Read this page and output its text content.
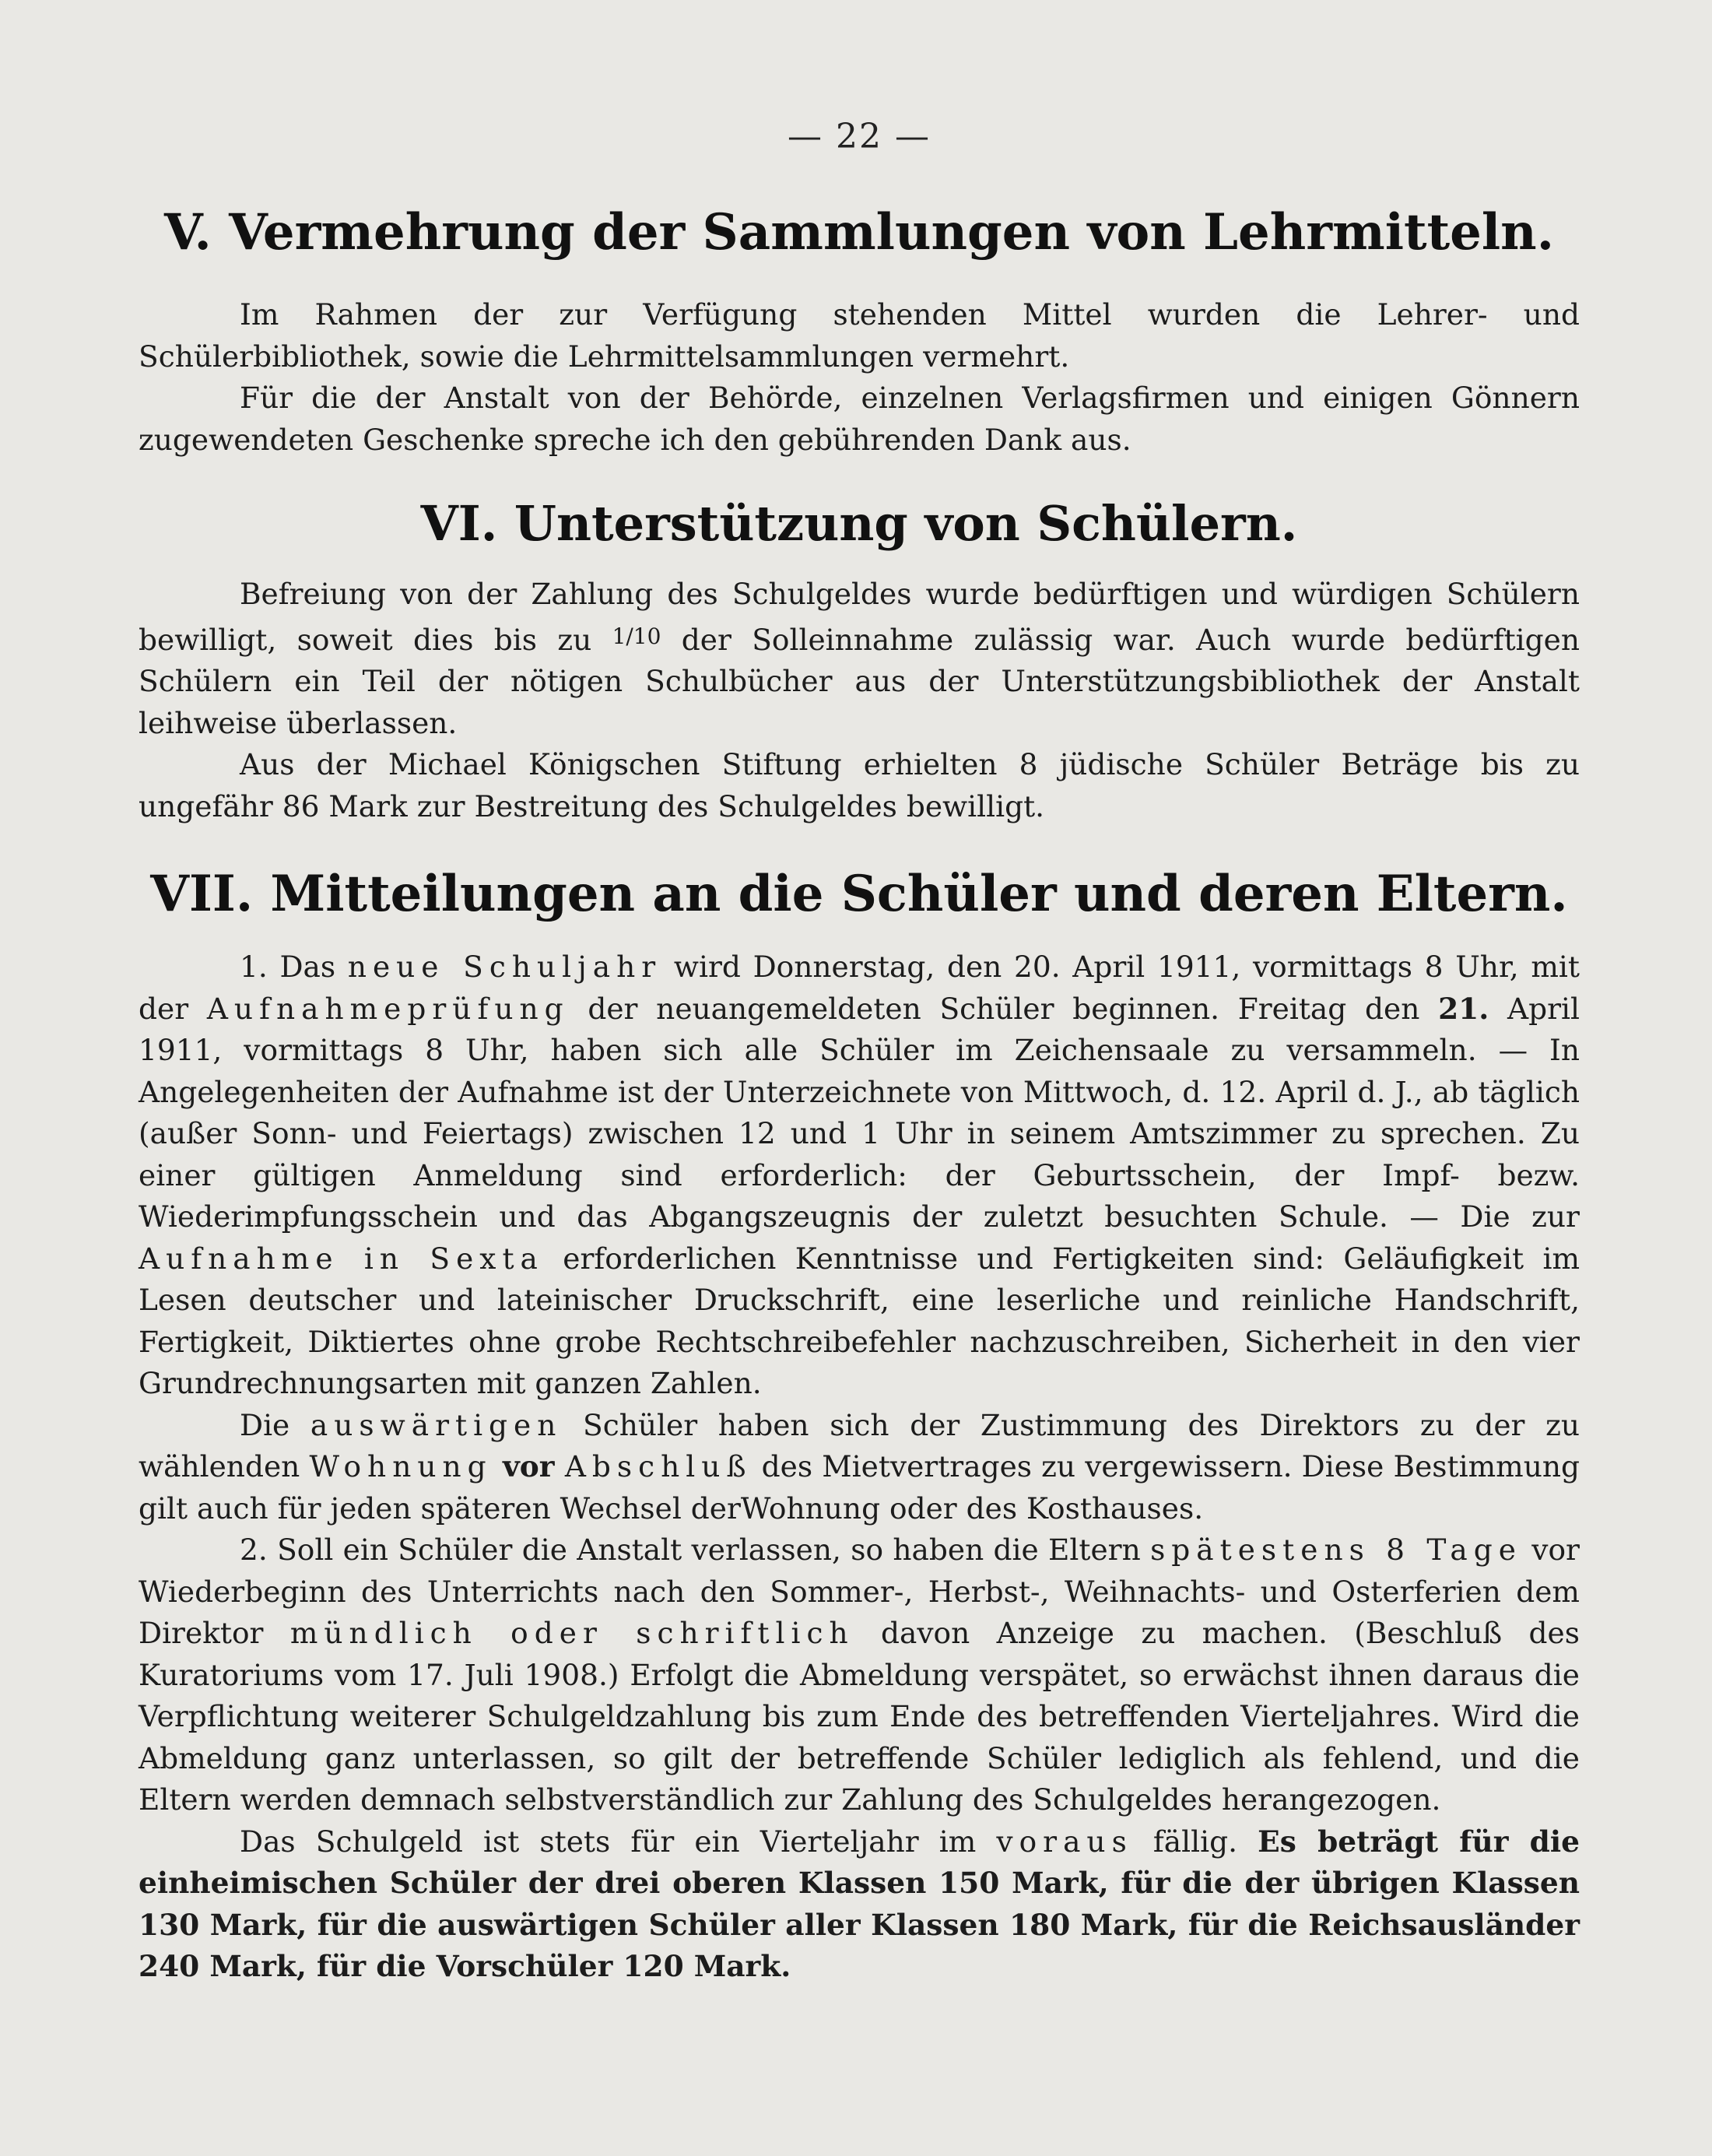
— 22 —
V. Vermehrung der Sammlungen von Lehrmitteln.

Im Rahmen der zur Verfügung stehenden Mittel wurden die Lehrer- und Schülerbibliothek, sowie die Lehrmittelsammlungen vermehrt.

Für die der Anstalt von der Behörde, einzelnen Verlagsfirmen und einigen Gönnern zugewendeten Geschenke spreche ich den gebührenden Dank aus.

VI. Unterstützung von Schülern.

Befreiung von der Zahlung des Schulgeldes wurde bedürftigen und würdigen Schülern bewilligt, soweit dies bis zu $^{1/10}$ der Solleinnahme zulässig war. Auch wurde bedürftigen Schülern ein Teil der nötigen Schulbücher aus der Unterstützungsbibliothek der Anstalt leihweise überlassen.

Aus der Michael Königschen Stiftung erhielten 8 jüdische Schüler Beträge bis zu ungefähr 86 Mark zur Bestreitung des Schulgeldes bewilligt.

VII. Mitteilungen an die Schüler und deren Eltern.

1. Das neue Schuljahr wird Donnerstag, den 20. April 1911, vormittags 8 Uhr, mit der Aufnahmeprüfung der neuangemeldeten Schüler beginnen. Freitag den 21. April 1911, vormittags 8 Uhr, haben sich alle Schüler im Zeichensaale zu versammeln. — In Angelegenheiten der Aufnahme ist der Unterzeichnete von Mittwoch, d. 12. April d. J., ab täglich (außer Sonn- und Feiertags) zwischen 12 und 1 Uhr in seinem Amtszimmer zu sprechen. Zu einer gültigen Anmeldung sind erforderlich: der Geburtsschein, der Impf- bezw. Wiederimpfungsschein und das Abgangszeugnis der zuletzt besuchten Schule. — Die zur Aufnahme in Sexta erforderlichen Kenntnisse und Fertigkeiten sind: Geläufigkeit im Lesen deutscher und lateinischer Druckschrift, eine leserliche und reinliche Handschrift, Fertigkeit, Diktiertes ohne grobe Rechtschreibefehler nachzuschreiben, Sicherheit in den vier Grundrechnungsarten mit ganzen Zahlen.

Die auswärtigen Schüler haben sich der Zustimmung des Direktors zu der zu wählenden Wohnung vor Abschluß des Mietvertrages zu vergewissern. Diese Bestimmung gilt auch für jeden späteren Wechsel derWohnung oder des Kosthauses.

2. Soll ein Schüler die Anstalt verlassen, so haben die Eltern spätestens 8 Tage vor Wiederbeginn des Unterrichts nach den Sommer-, Herbst-, Weihnachts- und Osterferien dem Direktor mündlich oder schriftlich davon Anzeige zu machen. (Beschluß des Kuratoriums vom 17. Juli 1908.) Erfolgt die Abmeldung verspätet, so erwächst ihnen daraus die Verpflichtung weiterer Schulgeldzahlung bis zum Ende des betreffenden Vierteljahres. Wird die Abmeldung ganz unterlassen, so gilt der betreffende Schüler lediglich als fehlend, und die Eltern werden demnach selbstverständlich zur Zahlung des Schulgeldes herangezogen.

Das Schulgeld ist stets für ein Vierteljahr im voraus fällig. Es beträgt für die einheimischen Schüler der drei oberen Klassen 150 Mark, für die der übrigen Klassen 130 Mark, für die auswärtigen Schüler aller Klassen 180 Mark, für die Reichsausländer 240 Mark, für die Vorschüler 120 Mark.
